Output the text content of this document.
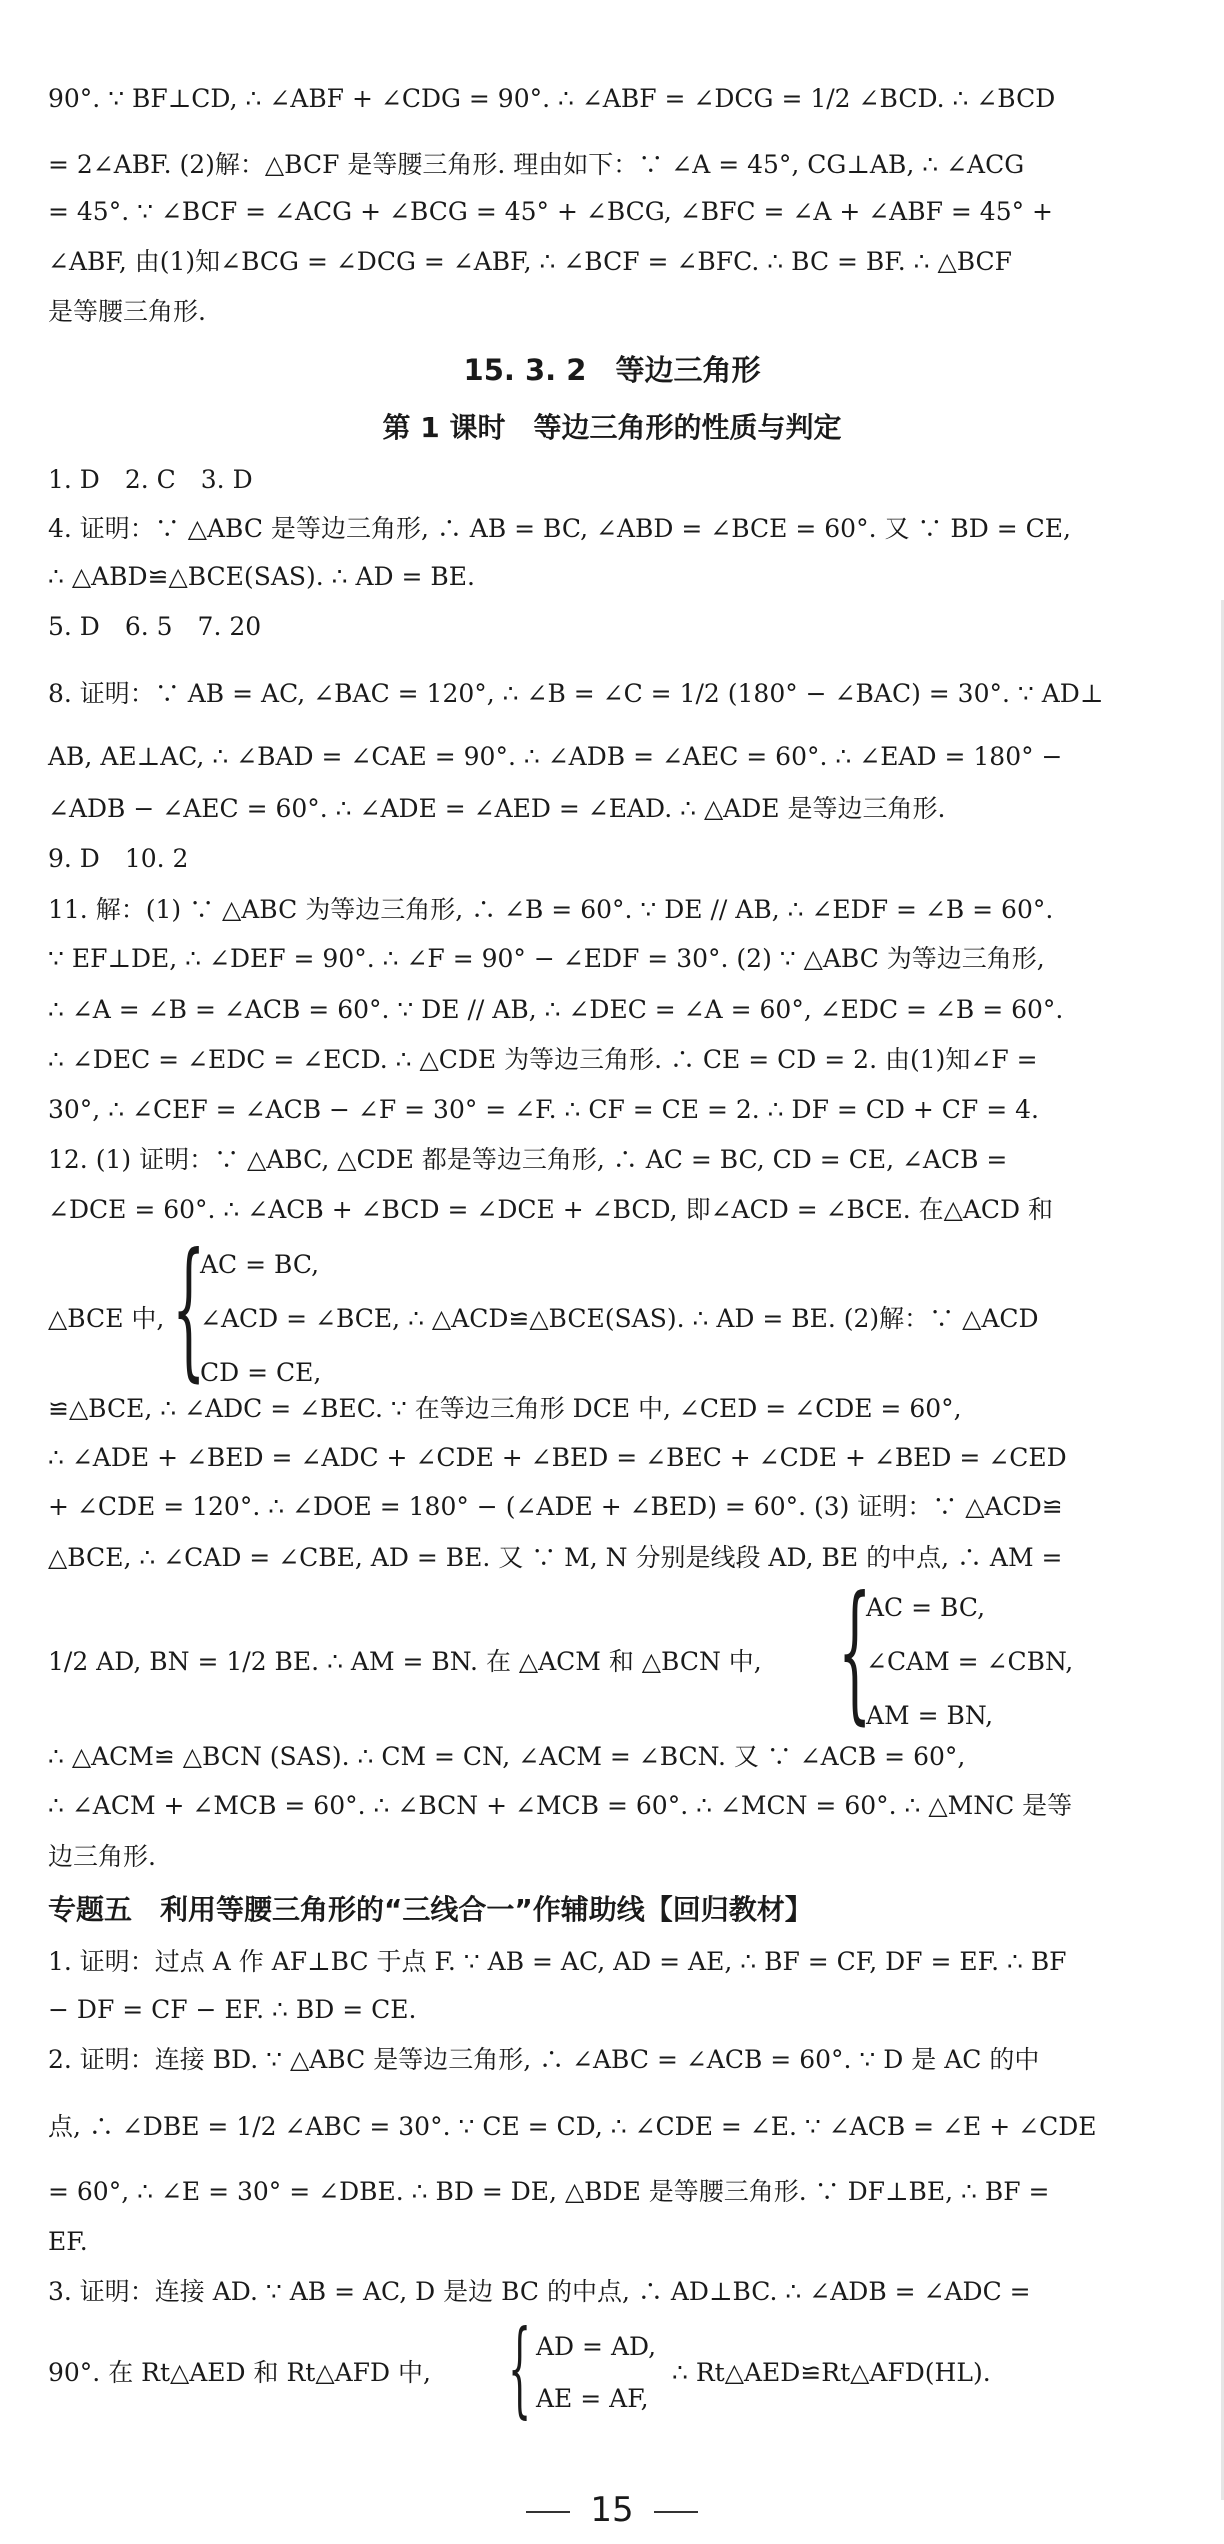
90°. ∵ BF⊥CD, ∴ ∠ABF + ∠CDG = 90°. ∴ ∠ABF = ∠DCG = 1/2 ∠BCD. ∴ ∠BCD
= 2∠ABF. (2)解：△BCF 是等腰三角形. 理由如下：∵ ∠A = 45°, CG⊥AB, ∴ ∠ACG
= 45°. ∵ ∠BCF = ∠ACG + ∠BCG = 45° + ∠BCG, ∠BFC = ∠A + ∠ABF = 45° +
∠ABF, 由(1)知∠BCG = ∠DCG = ∠ABF, ∴ ∠BCF = ∠BFC. ∴ BC = BF. ∴ △BCF
是等腰三角形.
15. 3. 2　等边三角形
第 1 课时　等边三角形的性质与判定
1. D　2. C　3. D
4. 证明：∵ △ABC 是等边三角形, ∴ AB = BC, ∠ABD = ∠BCE = 60°. 又 ∵ BD = CE,
∴ △ABD≌△BCE(SAS). ∴ AD = BE.
5. D　6. 5　7. 20
8. 证明：∵ AB = AC, ∠BAC = 120°, ∴ ∠B = ∠C = 1/2 (180° − ∠BAC) = 30°. ∵ AD⊥
AB, AE⊥AC, ∴ ∠BAD = ∠CAE = 90°. ∴ ∠ADB = ∠AEC = 60°. ∴ ∠EAD = 180° −
∠ADB − ∠AEC = 60°. ∴ ∠ADE = ∠AED = ∠EAD. ∴ △ADE 是等边三角形.
9. D　10. 2
11. 解：(1) ∵ △ABC 为等边三角形, ∴ ∠B = 60°. ∵ DE // AB, ∴ ∠EDF = ∠B = 60°.
∵ EF⊥DE, ∴ ∠DEF = 90°. ∴ ∠F = 90° − ∠EDF = 30°. (2) ∵ △ABC 为等边三角形,
∴ ∠A = ∠B = ∠ACB = 60°. ∵ DE // AB, ∴ ∠DEC = ∠A = 60°, ∠EDC = ∠B = 60°.
∴ ∠DEC = ∠EDC = ∠ECD. ∴ △CDE 为等边三角形. ∴ CE = CD = 2. 由(1)知∠F =
30°, ∴ ∠CEF = ∠ACB − ∠F = 30° = ∠F. ∴ CF = CE = 2. ∴ DF = CD + CF = 4.
12. (1) 证明：∵ △ABC, △CDE 都是等边三角形, ∴ AC = BC, CD = CE, ∠ACB =
∠DCE = 60°. ∴ ∠ACB + ∠BCD = ∠DCE + ∠BCD, 即∠ACD = ∠BCE. 在△ACD 和
△BCE 中, {
AC = BC,
∠ACD = ∠BCE, ∴ △ACD≌△BCE(SAS). ∴ AD = BE. (2)解：∵ △ACD
CD = CE,
≌△BCE, ∴ ∠ADC = ∠BEC. ∵ 在等边三角形 DCE 中, ∠CED = ∠CDE = 60°,
∴ ∠ADE + ∠BED = ∠ADC + ∠CDE + ∠BED = ∠BEC + ∠CDE + ∠BED = ∠CED
+ ∠CDE = 120°. ∴ ∠DOE = 180° − (∠ADE + ∠BED) = 60°. (3) 证明：∵ △ACD≌
△BCE, ∴ ∠CAD = ∠CBE, AD = BE. 又 ∵ M, N 分别是线段 AD, BE 的中点, ∴ AM =
1/2 AD, BN = 1/2 BE. ∴ AM = BN. 在 △ACM 和 △BCN 中, {
AC = BC,
∠CAM = ∠CBN,
AM = BN,
∴ △ACM≌ △BCN (SAS). ∴ CM = CN, ∠ACM = ∠BCN. 又 ∵ ∠ACB = 60°,
∴ ∠ACM + ∠MCB = 60°. ∴ ∠BCN + ∠MCB = 60°. ∴ ∠MCN = 60°. ∴ △MNC 是等
边三角形.
专题五　利用等腰三角形的“三线合一”作辅助线【回归教材】
1. 证明：过点 A 作 AF⊥BC 于点 F. ∵ AB = AC, AD = AE, ∴ BF = CF, DF = EF. ∴ BF
− DF = CF − EF. ∴ BD = CE.
2. 证明：连接 BD. ∵ △ABC 是等边三角形, ∴ ∠ABC = ∠ACB = 60°. ∵ D 是 AC 的中
点, ∴ ∠DBE = 1/2 ∠ABC = 30°. ∵ CE = CD, ∴ ∠CDE = ∠E. ∵ ∠ACB = ∠E + ∠CDE
= 60°, ∴ ∠E = 30° = ∠DBE. ∴ BD = DE, △BDE 是等腰三角形. ∵ DF⊥BE, ∴ BF =
EF.
3. 证明：连接 AD. ∵ AB = AC, D 是边 BC 的中点, ∴ AD⊥BC. ∴ ∠ADB = ∠ADC =
90°. 在 Rt△AED 和 Rt△AFD 中, { AD = AD,
AE = AF,
∴ Rt△AED≌Rt△AFD(HL).
15
